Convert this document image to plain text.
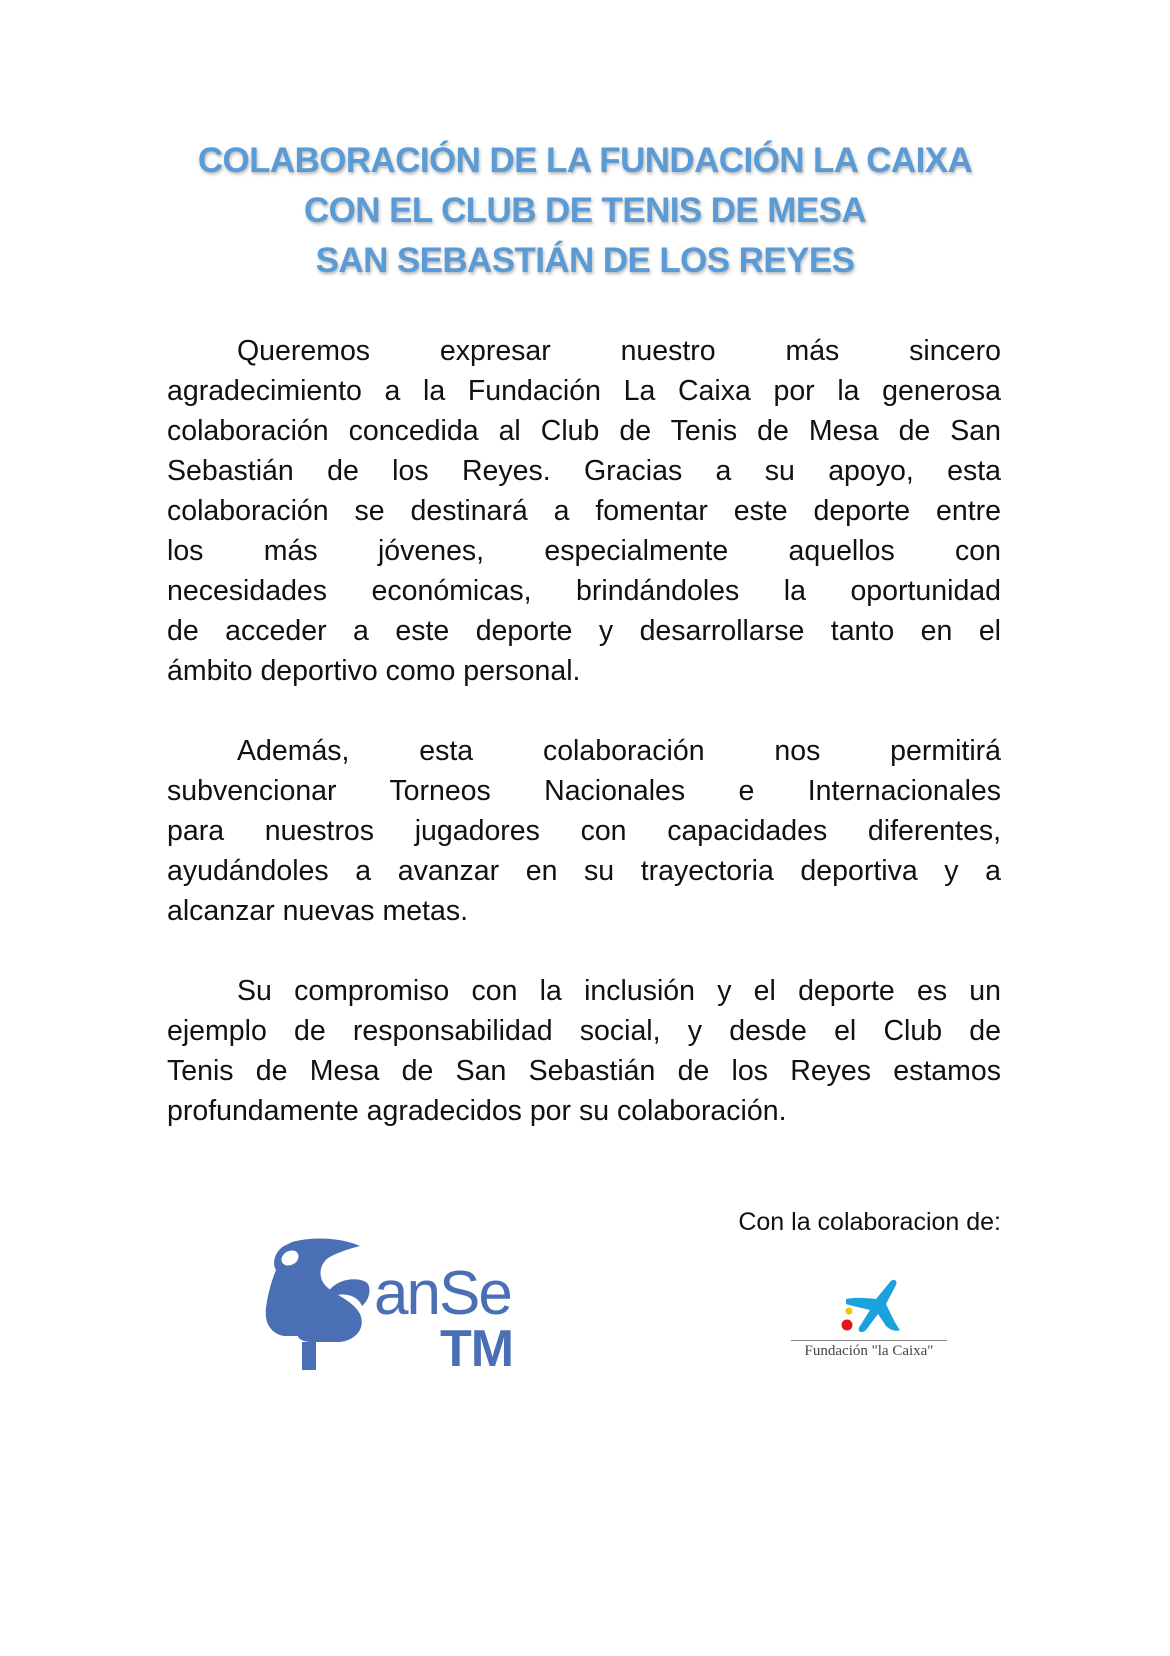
COLABORACIÓN DE LA FUNDACIÓN LA CAIXA
CON EL CLUB DE TENIS DE MESA
SAN SEBASTIÁN DE LOS REYES

Queremos expresar nuestro más sincero
agradecimiento a la Fundación La Caixa por la generosa
colaboración concedida al Club de Tenis de Mesa de San
Sebastián de los Reyes. Gracias a su apoyo, esta
colaboración se destinará a fomentar este deporte entre
los más jóvenes, especialmente aquellos con
necesidades económicas, brindándoles la oportunidad
de acceder a este deporte y desarrollarse tanto en el
ámbito deportivo como personal.

Además, esta colaboración nos permitirá
subvencionar Torneos Nacionales e Internacionales
para nuestros jugadores con capacidades diferentes,
ayudándoles a avanzar en su trayectoria deportiva y a
alcanzar nuevas metas.

Su compromiso con la inclusión y el deporte es un
ejemplo de responsabilidad social, y desde el Club de
Tenis de Mesa de San Sebastián de los Reyes estamos
profundamente agradecidos por su colaboración.

Con la colaboracion de:
anSe
TM	Fundación "la Caixa"
